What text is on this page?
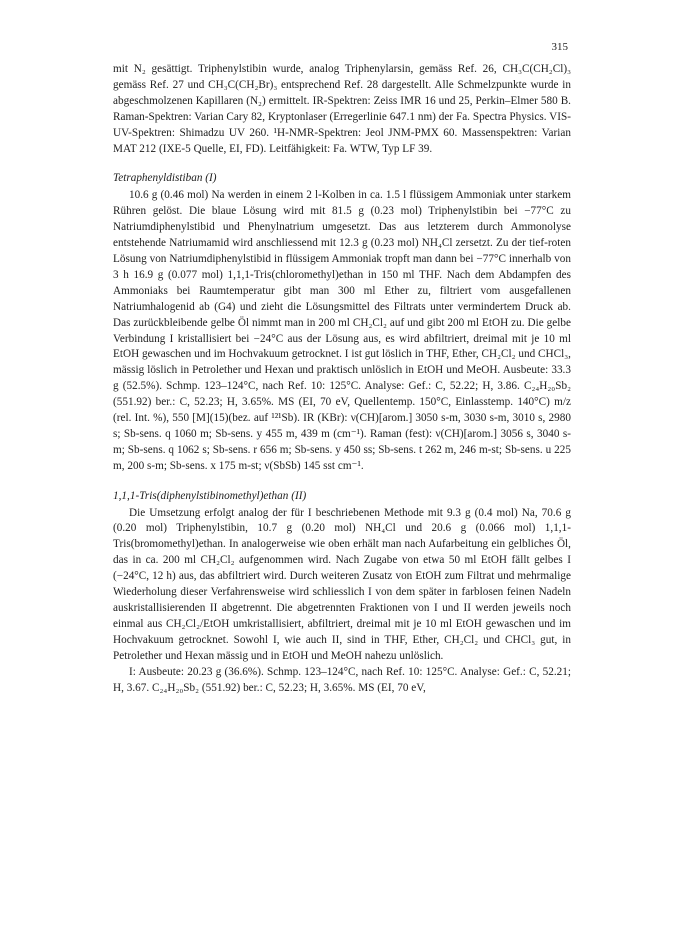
315

mit N₂ gesättigt. Triphenylstibin wurde, analog Triphenylarsin, gemäss Ref. 26, CH₃C(CH₂Cl)₃ gemäss Ref. 27 und CH₃C(CH₂Br)₃ entsprechend Ref. 28 dargestellt. Alle Schmelzpunkte wurde in abgeschmolzenen Kapillaren (N₂) ermittelt. IR-Spektren: Zeiss IMR 16 und 25, Perkin–Elmer 580 B. Raman-Spektren: Varian Cary 82, Kryptonlaser (Erregerlinie 647.1 nm) der Fa. Spectra Physics. VIS-UV-Spektren: Shimadzu UV 260. ¹H-NMR-Spektren: Jeol JNM-PMX 60. Massenspektren: Varian MAT 212 (IXE-5 Quelle, EI, FD). Leitfähigkeit: Fa. WTW, Typ LF 39.

Tetraphenyldistiban (I)

10.6 g (0.46 mol) Na werden in einem 2 l-Kolben in ca. 1.5 l flüssigem Ammoniak unter starkem Rühren gelöst. Die blaue Lösung wird mit 81.5 g (0.23 mol) Triphenylstibin bei −77°C zu Natriumdiphenylstibid und Phenylnatrium umgesetzt. Das aus letzterem durch Ammonolyse entstehende Natriumamid wird anschliessend mit 12.3 g (0.23 mol) NH₄Cl zersetzt. Zu der tief-roten Lösung von Natriumdiphenylstibid in flüssigem Ammoniak tropft man dann bei −77°C innerhalb von 3 h 16.9 g (0.077 mol) 1,1,1-Tris(chloromethyl)ethan in 150 ml THF. Nach dem Abdampfen des Ammoniaks bei Raumtemperatur gibt man 300 ml Ether zu, filtriert vom ausgefallenen Natriumhalogenid ab (G4) und zieht die Lösungsmittel des Filtrats unter vermindertem Druck ab. Das zurückbleibende gelbe Öl nimmt man in 200 ml CH₂Cl₂ auf und gibt 200 ml EtOH zu. Die gelbe Verbindung I kristallisiert bei −24°C aus der Lösung aus, es wird abfiltriert, dreimal mit je 10 ml EtOH gewaschen und im Hochvakuum getrocknet. I ist gut löslich in THF, Ether, CH₂Cl₂ und CHCl₃, mässig löslich in Petrolether und Hexan und praktisch unlöslich in EtOH und MeOH. Ausbeute: 33.3 g (52.5%). Schmp. 123–124°C, nach Ref. 10: 125°C. Analyse: Gef.: C, 52.22; H, 3.86. C₂₄H₂₀Sb₂ (551.92) ber.: C, 52.23; H, 3.65%. MS (EI, 70 eV, Quellentemp. 150°C, Einlasstemp. 140°C) m/z (rel. Int. %), 550 [M](15)(bez. auf ¹²¹Sb). IR (KBr): ν(CH)[arom.] 3050 s-m, 3030 s-m, 3010 s, 2980 s; Sb-sens. q 1060 m; Sb-sens. y 455 m, 439 m (cm⁻¹). Raman (fest): ν(CH)[arom.] 3056 s, 3040 s-m; Sb-sens. q 1062 s; Sb-sens. r 656 m; Sb-sens. y 450 ss; Sb-sens. t 262 m, 246 m-st; Sb-sens. u 225 m, 200 s-m; Sb-sens. x 175 m-st; ν(SbSb) 145 sst cm⁻¹.

1,1,1-Tris(diphenylstibinomethyl)ethan (II)

Die Umsetzung erfolgt analog der für I beschriebenen Methode mit 9.3 g (0.4 mol) Na, 70.6 g (0.20 mol) Triphenylstibin, 10.7 g (0.20 mol) NH₄Cl und 20.6 g (0.066 mol) 1,1,1-Tris(bromomethyl)ethan. In analogerweise wie oben erhält man nach Aufarbeitung ein gelbliches Öl, das in ca. 200 ml CH₂Cl₂ aufgenommen wird. Nach Zugabe von etwa 50 ml EtOH fällt gelbes I (−24°C, 12 h) aus, das abfiltriert wird. Durch weiteren Zusatz von EtOH zum Filtrat und mehrmalige Wiederholung dieser Verfahrensweise wird schliesslich I von dem später in farblosen feinen Nadeln auskristallisierenden II abgetrennt. Die abgetrennten Fraktionen von I und II werden jeweils noch einmal aus CH₂Cl₂/EtOH umkristallisiert, abfiltriert, dreimal mit je 10 ml EtOH gewaschen und im Hochvakuum getrocknet. Sowohl I, wie auch II, sind in THF, Ether, CH₂Cl₂ und CHCl₃ gut, in Petrolether und Hexan mässig und in EtOH und MeOH nahezu unlöslich.

I: Ausbeute: 20.23 g (36.6%). Schmp. 123–124°C, nach Ref. 10: 125°C. Analyse: Gef.: C, 52.21; H, 3.67. C₂₄H₂₀Sb₂ (551.92) ber.: C, 52.23; H, 3.65%. MS (EI, 70 eV,
